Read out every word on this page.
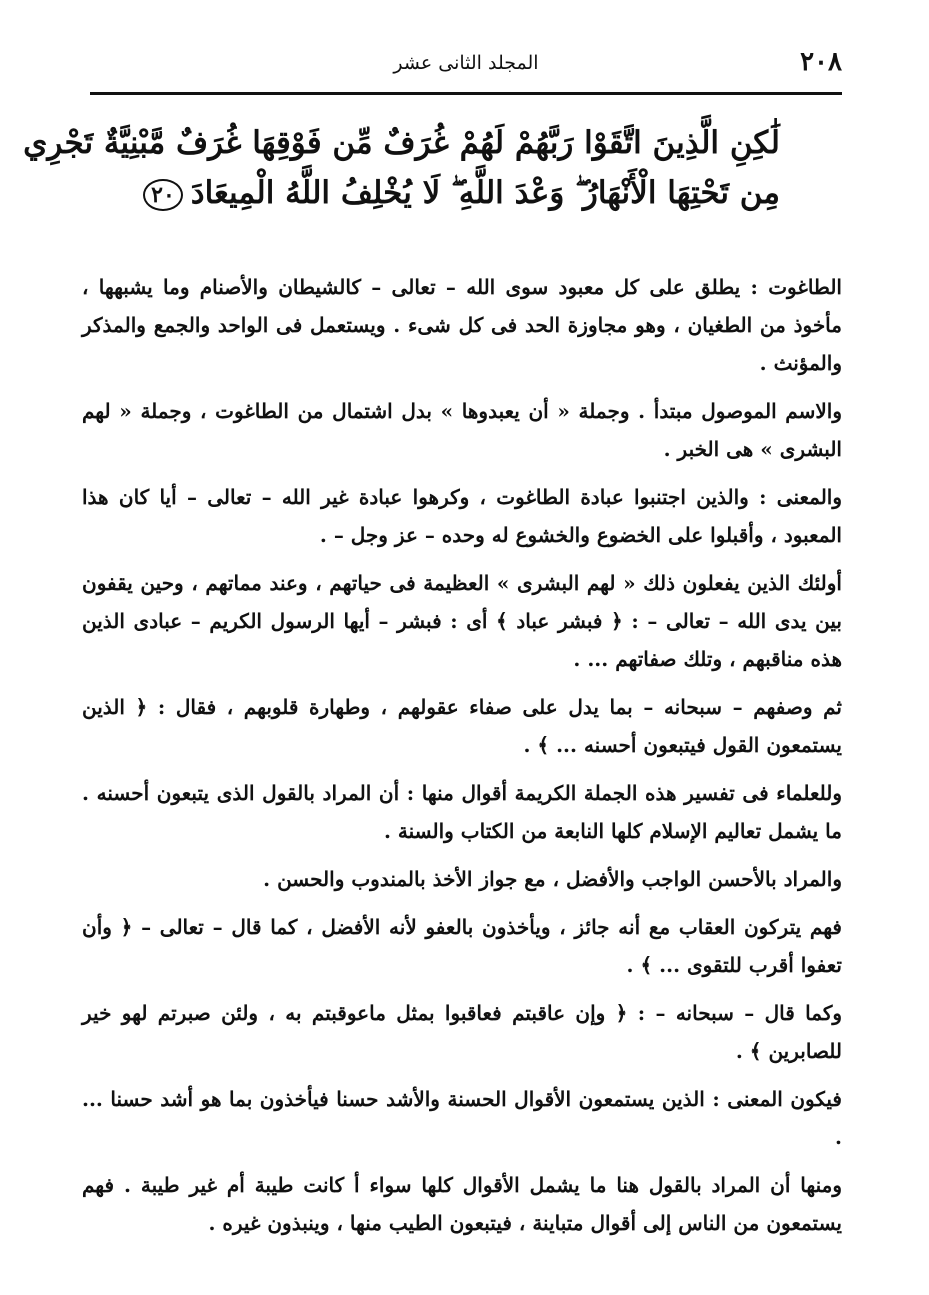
٢٠٨
المجلد الثانى عشر
لَٰكِنِ الَّذِينَ اتَّقَوْا رَبَّهُمْ لَهُمْ غُرَفٌ مِّن فَوْقِهَا غُرَفٌ مَّبْنِيَّةٌ تَجْرِي
مِن تَحْتِهَا الْأَنْهَارُ ۖ وَعْدَ اللَّهِ ۖ لَا يُخْلِفُ اللَّهُ الْمِيعَادَ٢٠

الطاغوت : يطلق على كل معبود سوى الله – تعالى – كالشيطان والأصنام وما يشبهها ، مأخوذ من الطغيان ، وهو مجاوزة الحد فى كل شىء . ويستعمل فى الواحد والجمع والمذكر والمؤنث .

والاسم الموصول مبتدأ . وجملة « أن يعبدوها » بدل اشتمال من الطاغوت ، وجملة « لهم البشرى » هى الخبر .

والمعنى : والذين اجتنبوا عبادة الطاغوت ، وكرهوا عبادة غير الله – تعالى – أيا كان هذا المعبود ، وأقبلوا على الخضوع والخشوع له وحده – عز وجل – .

أولئك الذين يفعلون ذلك « لهم البشرى » العظيمة فى حياتهم ، وعند مماتهم ، وحين يقفون بين يدى الله – تعالى – : ﴿ فبشر عباد ﴾ أى : فبشر – أيها الرسول الكريم – عبادى الذين هذه مناقبهم ، وتلك صفاتهم ... .

ثم وصفهم – سبحانه – بما يدل على صفاء عقولهم ، وطهارة قلوبهم ، فقال : ﴿ الذين يستمعون القول فيتبعون أحسنه ... ﴾ .

وللعلماء فى تفسير هذه الجملة الكريمة أقوال منها : أن المراد بالقول الذى يتبعون أحسنه . ما يشمل تعاليم الإسلام كلها النابعة من الكتاب والسنة .

والمراد بالأحسن الواجب والأفضل ، مع جواز الأخذ بالمندوب والحسن .

فهم يتركون العقاب مع أنه جائز ، ويأخذون بالعفو لأنه الأفضل ، كما قال – تعالى – ﴿ وأن تعفوا أقرب للتقوى ... ﴾ .

وكما قال – سبحانه – : ﴿ وإن عاقبتم فعاقبوا بمثل ماعوقبتم به ، ولئن صبرتم لهو خير للصابرين ﴾ .

فيكون المعنى : الذين يستمعون الأقوال الحسنة والأشد حسنا فيأخذون بما هو أشد حسنا ... .

ومنها أن المراد بالقول هنا ما يشمل الأقوال كلها سواء أ كانت طيبة أم غير طيبة . فهم يستمعون من الناس إلى أقوال متباينة ، فيتبعون الطيب منها ، وينبذون غيره .
